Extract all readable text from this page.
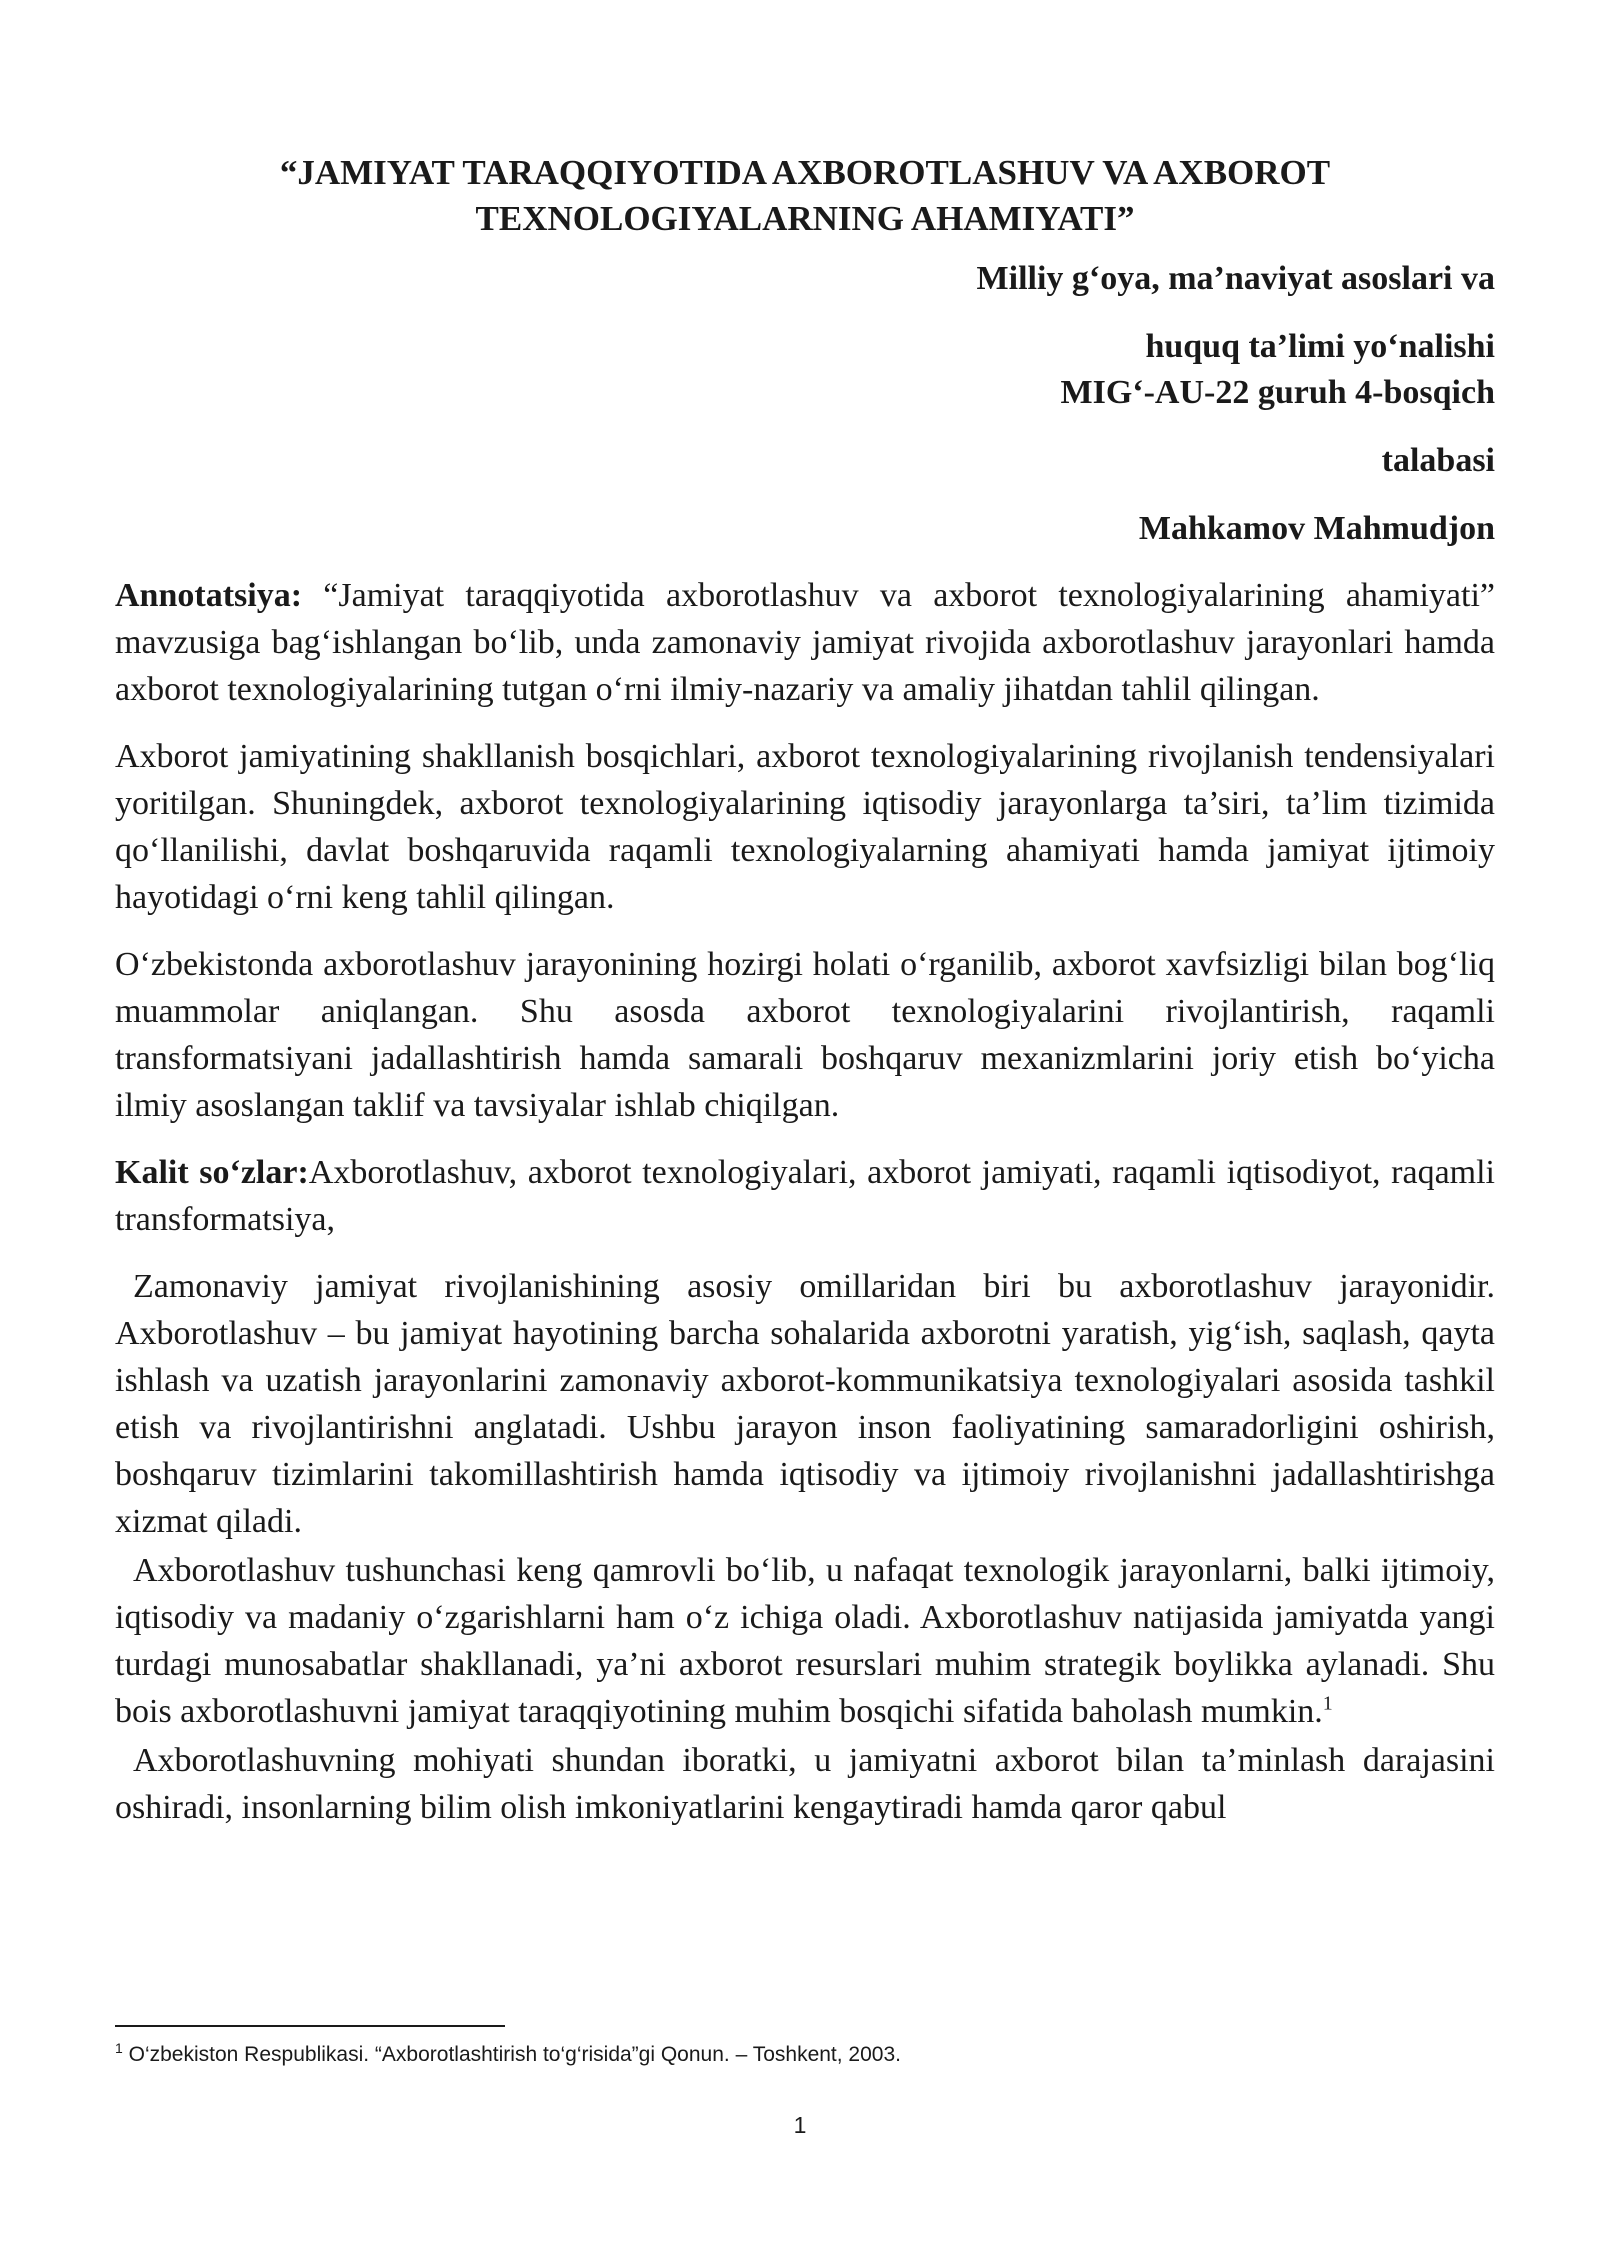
“JAMIYAT TARAQQIYOTIDA AXBOROTLASHUV VA AXBOROT
TEXNOLOGIYALARNING AHAMIYATI”

Milliy g‘oya, ma’naviyat asoslari va

huquq ta’limi yo‘nalishi

MIG‘-AU-22 guruh 4-bosqich

talabasi

Mahkamov Mahmudjon

Annotatsiya: “Jamiyat taraqqiyotida axborotlashuv va axborot texnologiyalarining ahamiyati” mavzusiga bag‘ishlangan bo‘lib, unda zamonaviy jamiyat rivojida axborotlashuv jarayonlari hamda axborot texnologiyalarining tutgan o‘rni ilmiy-nazariy va amaliy jihatdan tahlil qilingan.

Axborot jamiyatining shakllanish bosqichlari, axborot texnologiyalarining rivojlanish tendensiyalari yoritilgan. Shuningdek, axborot texnologiyalarining iqtisodiy jarayonlarga ta’siri, ta’lim tizimida qo‘llanilishi, davlat boshqaruvida raqamli texnologiyalarning ahamiyati hamda jamiyat ijtimoiy hayotidagi o‘rni keng tahlil qilingan.

O‘zbekistonda axborotlashuv jarayonining hozirgi holati o‘rganilib, axborot xavfsizligi bilan bog‘liq muammolar aniqlangan. Shu asosda axborot texnologiyalarini rivojlantirish, raqamli transformatsiyani jadallashtirish hamda samarali boshqaruv mexanizmlarini joriy etish bo‘yicha ilmiy asoslangan taklif va tavsiyalar ishlab chiqilgan.

Kalit so‘zlar:Axborotlashuv, axborot texnologiyalari, axborot jamiyati, raqamli iqtisodiyot, raqamli transformatsiya,

Zamonaviy jamiyat rivojlanishining asosiy omillaridan biri bu axborotlashuv jarayonidir. Axborotlashuv – bu jamiyat hayotining barcha sohalarida axborotni yaratish, yig‘ish, saqlash, qayta ishlash va uzatish jarayonlarini zamonaviy axborot-kommunikatsiya texnologiyalari asosida tashkil etish va rivojlantirishni anglatadi. Ushbu jarayon inson faoliyatining samaradorligini oshirish, boshqaruv tizimlarini takomillashtirish hamda iqtisodiy va ijtimoiy rivojlanishni jadallashtirishga xizmat qiladi.

Axborotlashuv tushunchasi keng qamrovli bo‘lib, u nafaqat texnologik jarayonlarni, balki ijtimoiy, iqtisodiy va madaniy o‘zgarishlarni ham o‘z ichiga oladi. Axborotlashuv natijasida jamiyatda yangi turdagi munosabatlar shakllanadi, ya’ni axborot resurslari muhim strategik boylikka aylanadi. Shu bois axborotlashuvni jamiyat taraqqiyotining muhim bosqichi sifatida baholash mumkin.$^1$

Axborotlashuvning mohiyati shundan iboratki, u jamiyatni axborot bilan ta’minlash darajasini oshiradi, insonlarning bilim olish imkoniyatlarini kengaytiradi hamda qaror qabul

$^1$ O‘zbekiston Respublikasi. “Axborotlashtirish to‘g‘risida”gi Qonun. – Toshkent, 2003.
1
